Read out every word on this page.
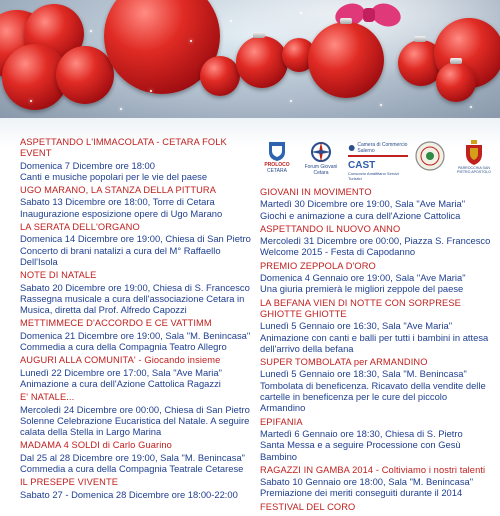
PROLOCO
CETARA
Forum Giovani Cetara
Camera di Commercio Salerno
CAST
Consorzio Amalfitano Servizi Turistici
PARROCCHIA SAN PIETRO APOSTOLO
ASPETTANDO L'IMMACOLATA - CETARA FOLK EVENT
Domenica 7 Dicembre ore 18:00
Canti e musiche popolari per le vie del paese
UGO MARANO, LA STANZA DELLA PITTURA
Sabato 13 Dicembre ore 18:00, Torre di Cetara
Inaugurazione esposizione opere di Ugo Marano
LA SERATA DELL'ORGANO
Domenica 14 Dicembre ore 19:00, Chiesa di San Pietro
Concerto di brani natalizi a cura del M° Raffaello Dell'Isola
NOTE DI NATALE
Sabato 20 Dicembre ore 19:00, Chiesa di S. Francesco
Rassegna musicale a cura dell'associazione Cetara in Musica, diretta dal Prof. Alfredo Capozzi
METTIMMECE D'ACCORDO E CE VATTIMM
Domenica 21 Dicembre ore 19:00, Sala "M. Benincasa"
Commedia a cura della Compagnia Teatro Allegro
AUGURI ALLA COMUNITA' - Giocando insieme
Lunedì 22 Dicembre ore 17:00, Sala "Ave Maria"
Animazione a cura dell'Azione Cattolica Ragazzi
E' NATALE...
Mercoledì 24 Dicembre ore 00:00, Chiesa di San Pietro
Solenne Celebrazione Eucaristica del Natale. A seguire calata della Stella in Largo Marina
MADAMA 4 SOLDI di Carlo Guarino
Dal 25 al 28 Dicembre ore 19:00, Sala "M. Benincasa"
Commedia a cura della Compagnia Teatrale Cetarese
IL PRESEPE VIVENTE
Sabato 27 - Domenica 28 Dicembre ore 18:00-22:00
GIOVANI IN MOVIMENTO
Martedì 30 Dicembre ore 19:00, Sala "Ave Maria"
Giochi e animazione a cura dell'Azione Cattolica
ASPETTANDO IL NUOVO ANNO
Mercoledì 31 Dicembre ore 00:00, Piazza S. Francesco
Welcome 2015 - Festa di Capodanno
PREMIO ZEPPOLA D'ORO
Domenica 4 Gennaio ore 19:00, Sala "Ave Maria"
Una giuria premierà le migliori zeppole del paese
LA BEFANA VIEN DI NOTTE CON SORPRESE GHIOTTE GHIOTTE
Lunedì 5 Gennaio ore 16:30, Sala "Ave Maria"
Animazione con canti e balli per tutti i bambini in attesa dell'arrivo della befana
SUPER TOMBOLATA per ARMANDINO
Lunedì 5 Gennaio ore 18:30, Sala "M. Benincasa"
Tombolata di beneficenza. Ricavato della vendite delle cartelle in beneficenza per le cure del piccolo Armandino
EPIFANIA
Martedì 6 Gennaio ore 18:30, Chiesa di S. Pietro
Santa Messa e a seguire Processione con Gesù Bambino
RAGAZZI IN GAMBA 2014 - Coltiviamo i nostri talenti
Sabato 10 Gennaio ore 18:00, Sala "M. Benincasa"
Premiazione dei meriti conseguiti durante il 2014
FESTIVAL DEL CORO
